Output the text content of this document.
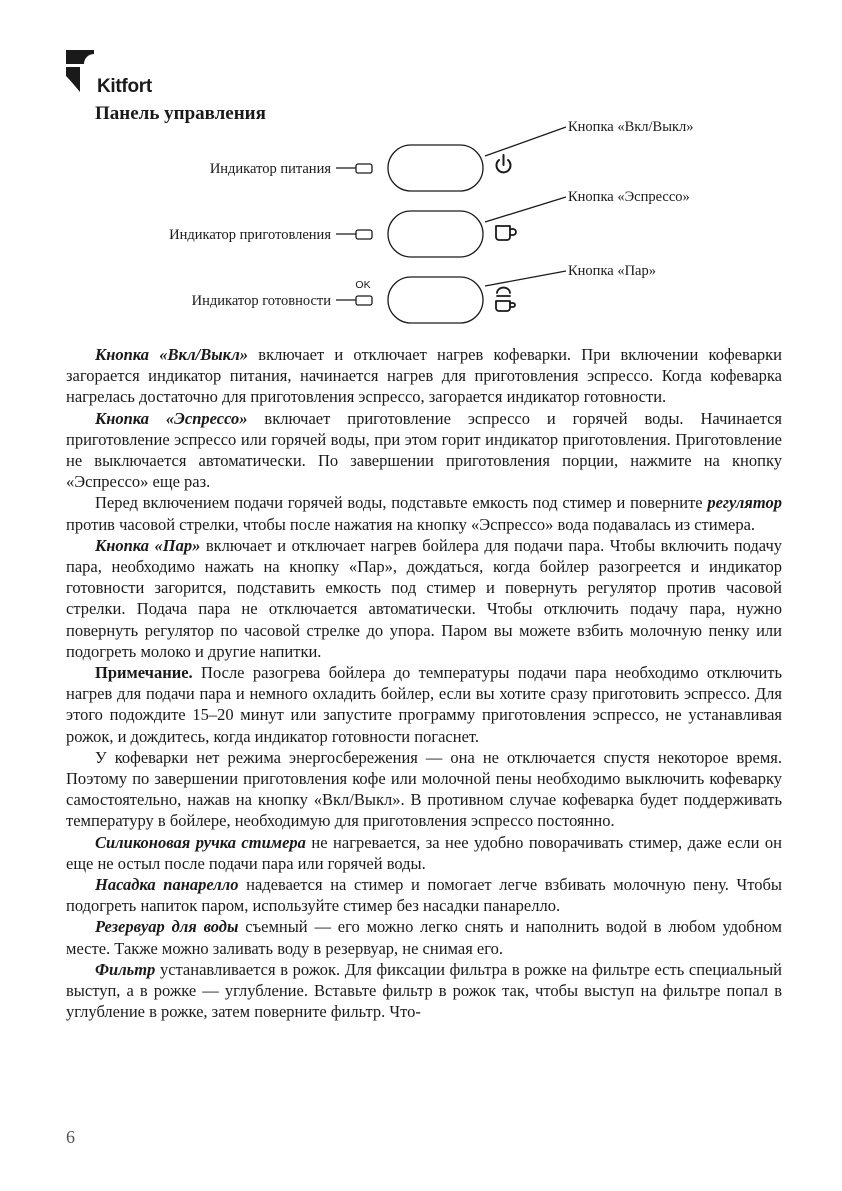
Kitfort
Панель управления
Индикатор питания
Индикатор приготовления
Индикатор готовности
OK
Кнопка «Вкл/Выкл»
Кнопка «Эспрессо»
Кнопка «Пар»

Кнопка «Вкл/Выкл» включает и отключает нагрев кофеварки. При включении кофеварки загорается индикатор питания, начинается нагрев для приготовления эспрессо. Когда кофеварка нагрелась достаточно для приготовления эспрессо, загорается индикатор готовности.

Кнопка «Эспрессо» включает приготовление эспрессо и горячей воды. Начинается приготовление эспрессо или горячей воды, при этом горит индикатор приготовления. Приготовление не выключается автоматически. По завершении приготовления порции, нажмите на кнопку «Эспрессо» еще раз.

Перед включением подачи горячей воды, подставьте емкость под стимер и поверните регулятор против часовой стрелки, чтобы после нажатия на кнопку «Эспрессо» вода подавалась из стимера.

Кнопка «Пар» включает и отключает нагрев бойлера для подачи пара. Чтобы включить подачу пара, необходимо нажать на кнопку «Пар», дождаться, когда бойлер разогреется и индикатор готовности загорится, подставить емкость под стимер и повернуть регулятор против часовой стрелки. Подача пара не отключается автоматически. Чтобы отключить подачу пара, нужно повернуть регулятор по часовой стрелке до упора. Паром вы можете взбить молочную пенку или подогреть молоко и другие напитки.

Примечание. После разогрева бойлера до температуры подачи пара необходимо отключить нагрев для подачи пара и немного охладить бойлер, если вы хотите сразу приготовить эспрессо. Для этого подождите 15–20 минут или запустите программу приготовления эспрессо, не устанавливая рожок, и дождитесь, когда индикатор готовности погаснет.

У кофеварки нет режима энергосбережения — она не отключается спустя некоторое время. Поэтому по завершении приготовления кофе или молочной пены необходимо выключить кофеварку самостоятельно, нажав на кнопку «Вкл/Выкл». В противном случае кофеварка будет поддерживать температуру в бойлере, необходимую для приготовления эспрессо постоянно.

Силиконовая ручка стимера не нагревается, за нее удобно поворачивать стимер, даже если он еще не остыл после подачи пара или горячей воды.

Насадка панарелло надевается на стимер и помогает легче взбивать молочную пену. Чтобы подогреть напиток паром, используйте стимер без насадки панарелло.

Резервуар для воды съемный — его можно легко снять и наполнить водой в любом удобном месте. Также можно заливать воду в резервуар, не снимая его.

Фильтр устанавливается в рожок. Для фиксации фильтра в рожке на фильтре есть специальный выступ, а в рожке — углубление. Вставьте фильтр в рожок так, чтобы выступ на фильтре попал в углубление в рожке, затем поверните фильтр. Что-

6
